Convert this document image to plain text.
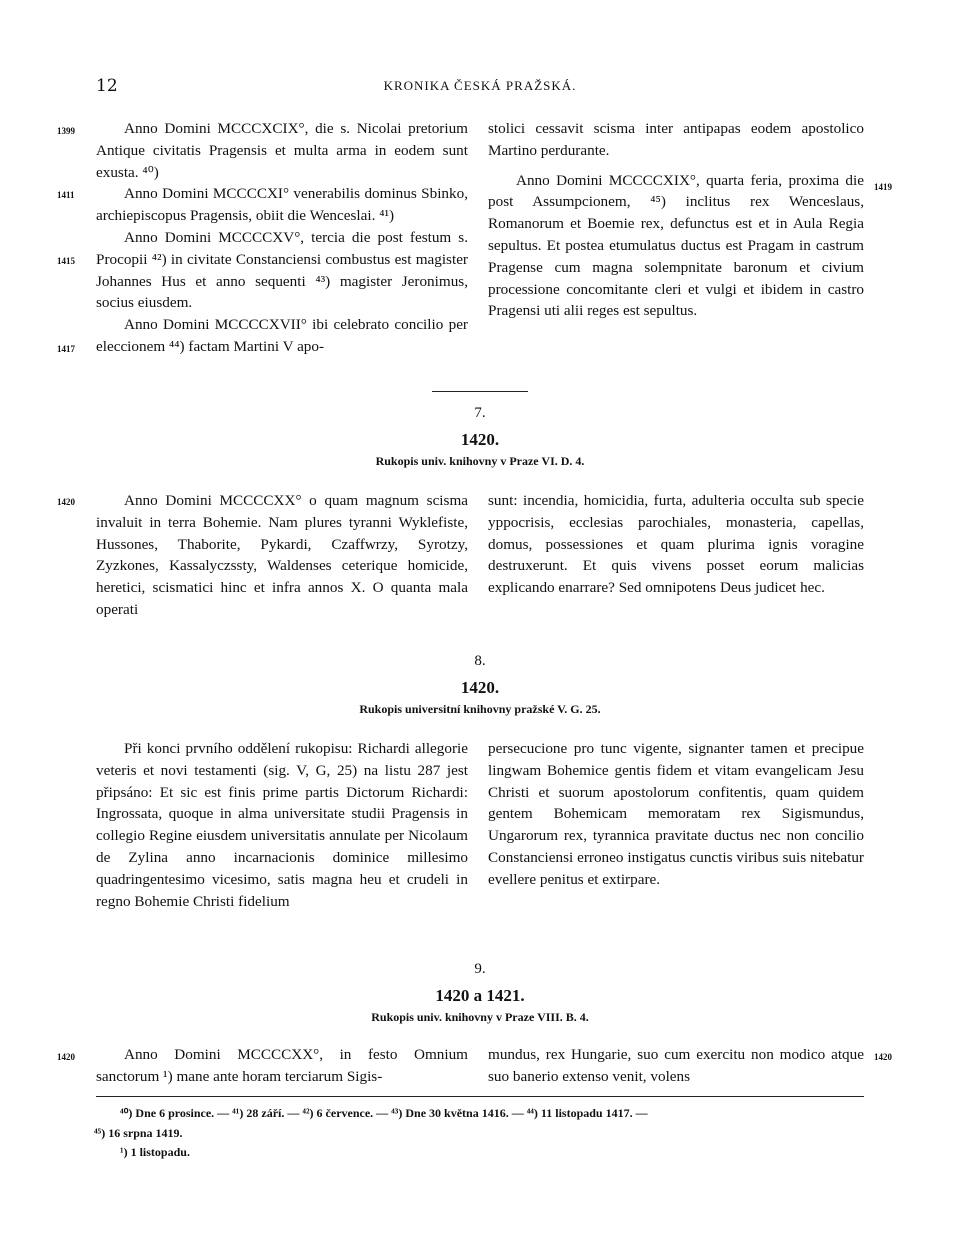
12	KRONIKA ČESKÁ PRAŽSKÁ.
1399
1411
1415
1417
1419

Anno Domini MCCCXCIX°, die s. Nicolai pretorium Antique civitatis Pragensis et multa arma in eodem sunt exusta. ⁴⁰)

Anno Domini MCCCCXI° venerabilis dominus Sbinko, archiepiscopus Pragensis, obiit die Wenceslai. ⁴¹)

Anno Domini MCCCCXV°, tercia die post festum s. Procopii ⁴²) in civitate Constanciensi combustus est magister Johannes Hus et anno sequenti ⁴³) magister Jeronimus, socius eiusdem.

Anno Domini MCCCCXVII° ibi celebrato concilio per eleccionem ⁴⁴) factam Martini V apo-

stolici cessavit scisma inter antipapas eodem apostolico Martino perdurante.

Anno Domini MCCCCXIX°, quarta feria, proxima die post Assumpcionem, ⁴⁵) inclitus rex Wenceslaus, Romanorum et Boemie rex, defunctus est et in Aula Regia sepultus. Et postea etumulatus ductus est Pragam in castrum Pragense cum magna solempnitate baronum et civium processione concomitante cleri et vulgi et ibidem in castro Pragensi uti alii reges est sepultus.

7.
1420.
Rukopis univ. knihovny v Praze VI. D. 4.
1420	Anno Domini MCCCCXX° o quam magnum scisma invaluit in terra Bohemie. Nam plures tyranni Wyklefiste, Hussones, Thaborite, Pykardi, Czaffwrzy, Syrotzy, Zyzkones, Kassalyczssty, Waldenses ceterique homicide, heretici, scismatici hinc et infra annos X. O quanta mala operati

sunt: incendia, homicidia, furta, adulteria occulta sub specie yppocrisis, ecclesias parochiales, monasteria, capellas, domus, possessiones et quam plurima ignis voragine destruxerunt. Et quis vivens posset eorum malicias explicando enarrare? Sed omnipotens Deus judicet hec.

8.
1420.
Rukopis universitní knihovny pražské V. G. 25.

Při konci prvního oddělení rukopisu: Richardi allegorie veteris et novi testamenti (sig. V, G, 25) na listu 287 jest připsáno: Et sic est finis prime partis Dictorum Richardi: Ingrossata, quoque in alma universitate studii Pragensis in collegio Regine eiusdem universitatis annulate per Nicolaum de Zylina anno incarnacionis dominice millesimo quadringentesimo vicesimo, satis magna heu et crudeli in regno Bohemie Christi fidelium

persecucione pro tunc vigente, signanter tamen et precipue lingwam Bohemice gentis fidem et vitam evangelicam Jesu Christi et suorum apostolorum confitentis, quam quidem gentem Bohemicam memoratam rex Sigismundus, Ungarorum rex, tyrannica pravitate ductus nec non concilio Constanciensi erroneo instigatus cunctis viribus suis nitebatur evellere penitus et extirpare.

9.
1420 a 1421.
Rukopis univ. knihovny v Praze VIII. B. 4.
1420	1420

Anno Domini MCCCCXX°, in festo Omnium sanctorum ¹) mane ante horam terciarum Sigis-

mundus, rex Hungarie, suo cum exercitu non modico atque suo banerio extenso venit, volens

⁴⁰) Dne 6 prosince. — ⁴¹) 28 září. — ⁴²) 6 července. — ⁴³) Dne 30 května 1416. — ⁴⁴) 11 listopadu 1417. —
⁴⁵) 16 srpna 1419.
¹) 1 listopadu.
